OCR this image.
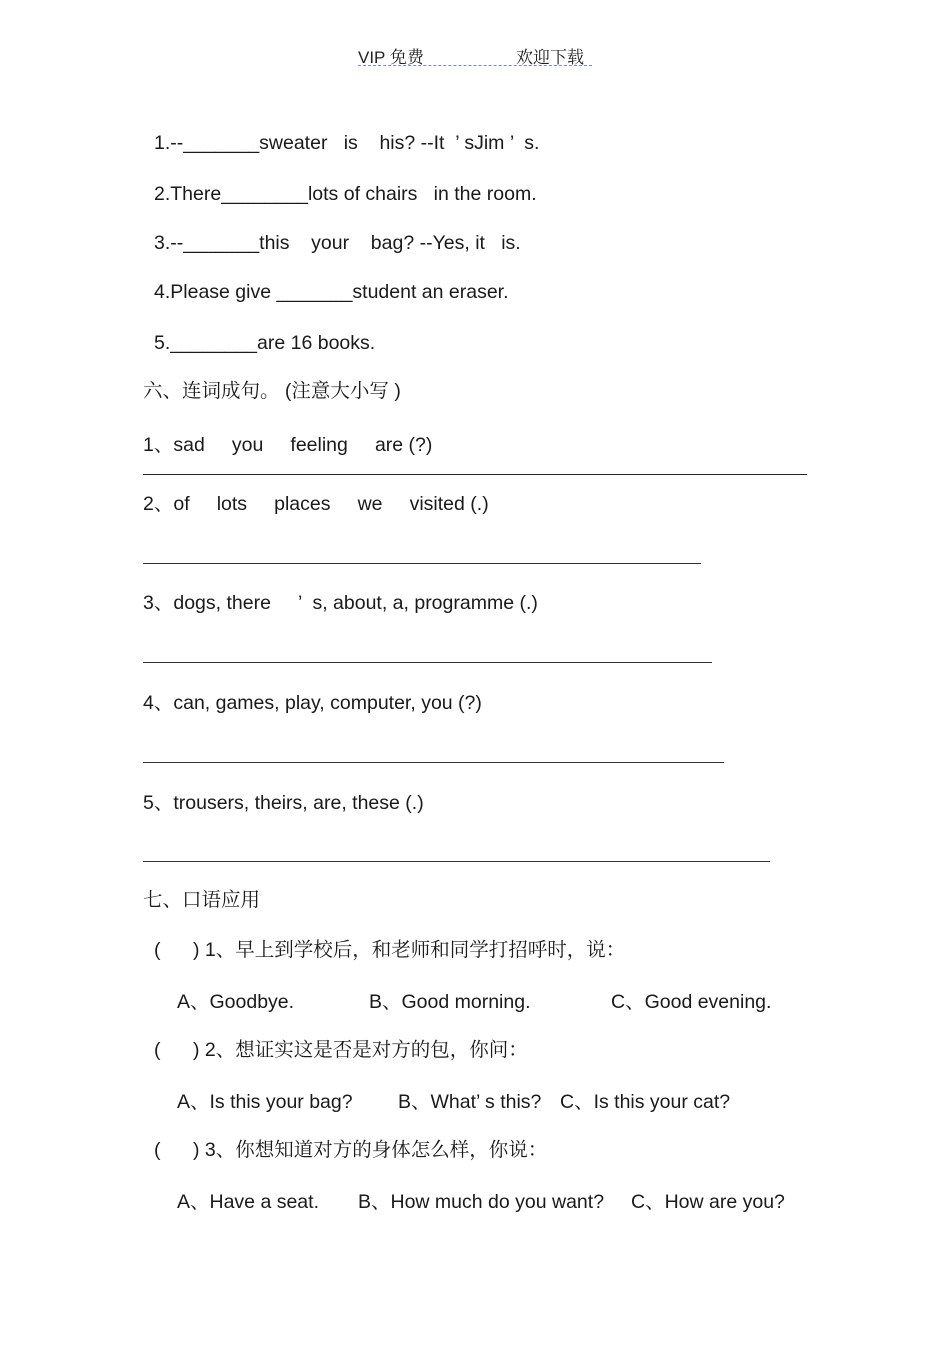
VIP 免费	欢迎下载
1.--_______sweater   is    his? --It  ’ sJim ’  s.
2.There________lots of chairs   in the room.
3.--_______this    your    bag? --Yes, it   is.
4.Please give _______student an eraser.
5.________are 16 books.
六、连词成句。 (注意大小写 )
1、sad     you     feeling     are (?)
2、of     lots     places     we     visited (.)
3、dogs, there     ’  s, about, a, programme (.)
4、can, games, play, computer, you (?)
5、trousers, theirs, are, these (.)
七、口语应用
(      ) 1、早上到学校后，和老师和同学打招呼时，说：
A、Goodbye.	B、Good morning.	C、Good evening.
(      ) 2、想证实这是否是对方的包，你问：
A、Is this your bag? B、What’ s this? C、Is this your cat?
(      ) 3、你想知道对方的身体怎么样，你说：
A、Have a seat. B、How much do you want? C、How are you?
